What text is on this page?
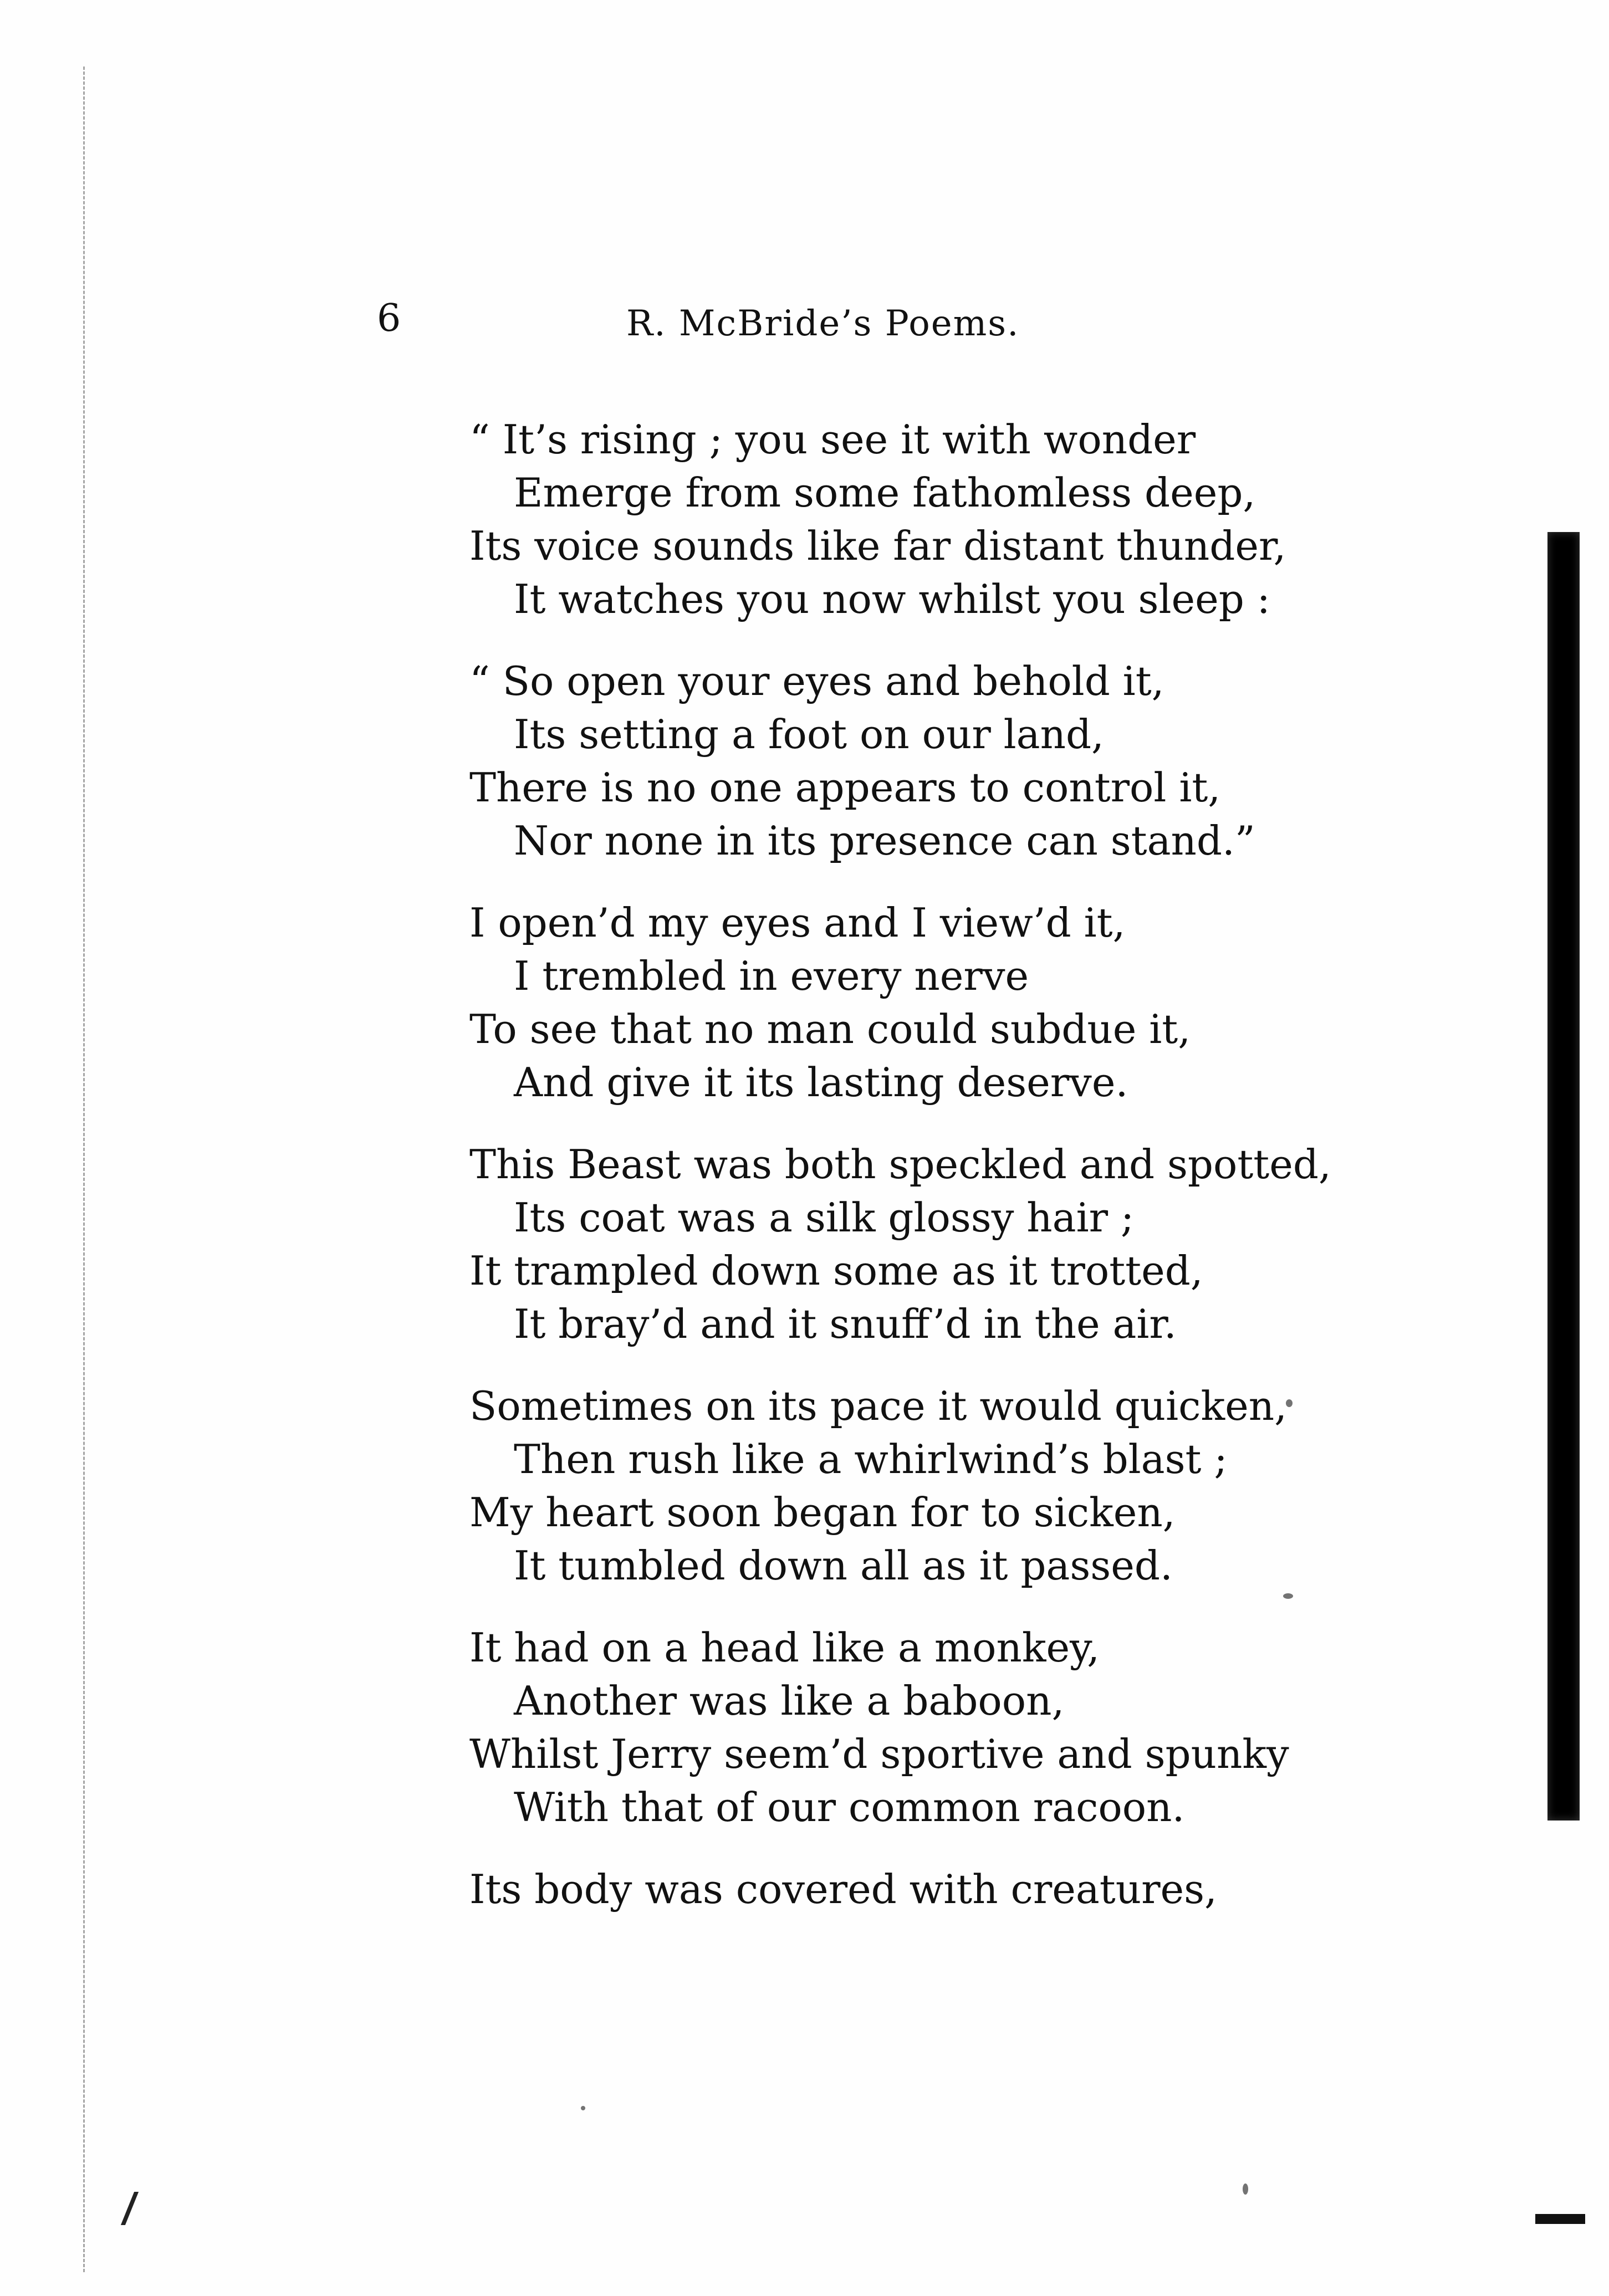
6	R. McBride’s Poems.
“ It’s rising ; you see it with wonder
Emerge from some fathomless deep,
Its voice sounds like far distant thunder,
It watches you now whilst you sleep :
“ So open your eyes and behold it,
Its setting a foot on our land,
There is no one appears to control it,
Nor none in its presence can stand.”
I open’d my eyes and I view’d it,
I trembled in every nerve
To see that no man could subdue it,
And give it its lasting deserve.
This Beast was both speckled and spotted,
Its coat was a silk glossy hair ;
It trampled down some as it trotted,
It bray’d and it snuff’d in the air.
Sometimes on its pace it would quicken,
Then rush like a whirlwind’s blast ;
My heart soon began for to sicken,
It tumbled down all as it passed.
It had on a head like a monkey,
Another was like a baboon,
Whilst Jerry seem’d sportive and spunky
With that of our common racoon.
Its body was covered with creatures,
